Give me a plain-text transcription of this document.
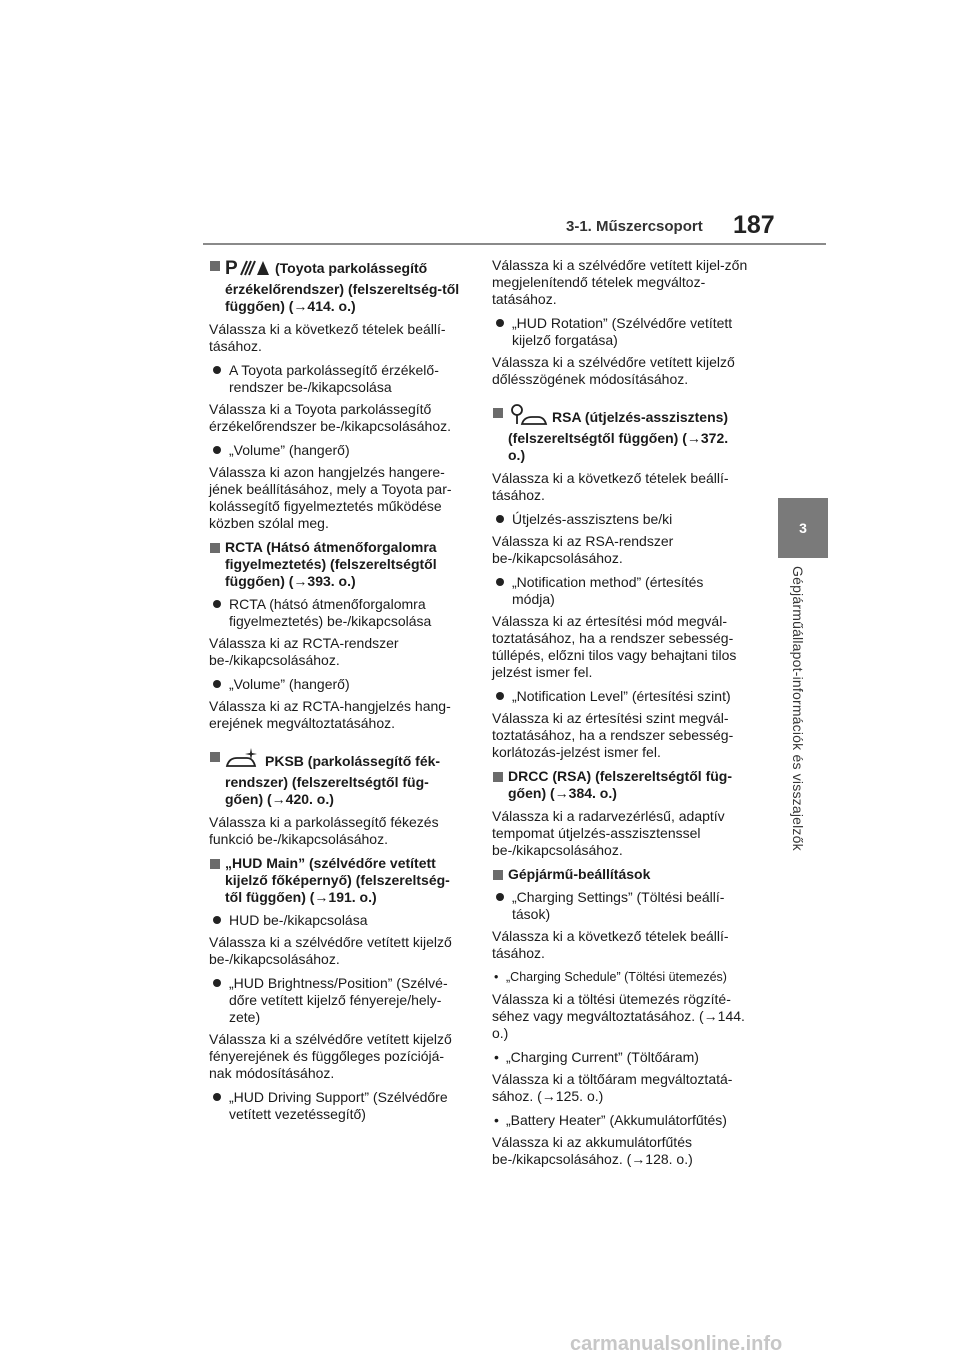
3-1. Műszercsoport 187
3
Gépjárműállapot-információk és visszajelzők
P	(Toyota parkolássegítő érzékelőrendszer) (felszereltség-től függően) (→414. o.)
Válassza ki a következő tételek beállí-tásához.
A Toyota parkolássegítő érzékelő-rendszer be-/kikapcsolása
Válassza ki a Toyota parkolássegítő érzékelőrendszer be-/kikapcsolásához.
„Volume” (hangerő)
Válassza ki azon hangjelzés hangere-jének beállításához, mely a Toyota par-kolássegítő figyelmeztetés működése közben szólal meg.
RCTA (Hátsó átmenőforgalomra figyelmeztetés) (felszereltségtől függően) (→393. o.)
RCTA (hátsó átmenőforgalomra figyelmeztetés) be-/kikapcsolása
Válassza ki az RCTA-rendszer be-/kikapcsolásához.
„Volume” (hangerő)
Válassza ki az RCTA-hangjelzés hang-erejének megváltoztatásához.
PKSB (parkolássegítő fék-rendszer) (felszereltségtől füg-gően) (→420. o.)
Válassza ki a parkolássegítő fékezés funkció be-/kikapcsolásához.
„HUD Main” (szélvédőre vetített kijelző főképernyő) (felszereltség-től függően) (→191. o.)
HUD be-/kikapcsolása
Válassza ki a szélvédőre vetített kijelző be-/kikapcsolásához.
„HUD Brightness/Position” (Szélvé-dőre vetített kijelző fényereje/hely-zete)
Válassza ki a szélvédőre vetített kijelző fényerejének és függőleges pozíciójá-nak módosításához.
„HUD Driving Support” (Szélvédőre vetített vezetéssegítő)
Válassza ki a szélvédőre vetített kijel-zőn megjelenítendő tételek megváltoz-tatásához.
„HUD Rotation” (Szélvédőre vetített kijelző forgatása)
Válassza ki a szélvédőre vetített kijelző dőlésszögének módosításához.
RSA (útjelzés-asszisztens) (felszereltségtől függően) (→372. o.)
Válassza ki a következő tételek beállí-tásához.
Útjelzés-asszisztens be/ki
Válassza ki az RSA-rendszer be-/kikapcsolásához.
„Notification method” (értesítés módja)
Válassza ki az értesítési mód megvál-toztatásához, ha a rendszer sebesség-túllépés, előzni tilos vagy behajtani tilos jelzést ismer fel.
„Notification Level” (értesítési szint)
Válassza ki az értesítési szint megvál-toztatásához, ha a rendszer sebesség-korlátozás-jelzést ismer fel.
DRCC (RSA) (felszereltségtől füg-gően) (→384. o.)
Válassza ki a radarvezérlésű, adaptív tempomat útjelzés-asszisztenssel be-/kikapcsolásához.
Gépjármű-beállítások
„Charging Settings” (Töltési beállí-tások)
Válassza ki a következő tételek beállí-tásához.
• „Charging Schedule” (Töltési ütemezés)
Válassza ki a töltési ütemezés rögzíté-séhez vagy megváltoztatásához. (→144. o.)
• „Charging Current” (Töltőáram)
Válassza ki a töltőáram megváltoztatá-sához. (→125. o.)
• „Battery Heater” (Akkumulátorfűtés)
Válassza ki az akkumulátorfűtés be-/kikapcsolásához. (→128. o.)
carmanualsonline.info
